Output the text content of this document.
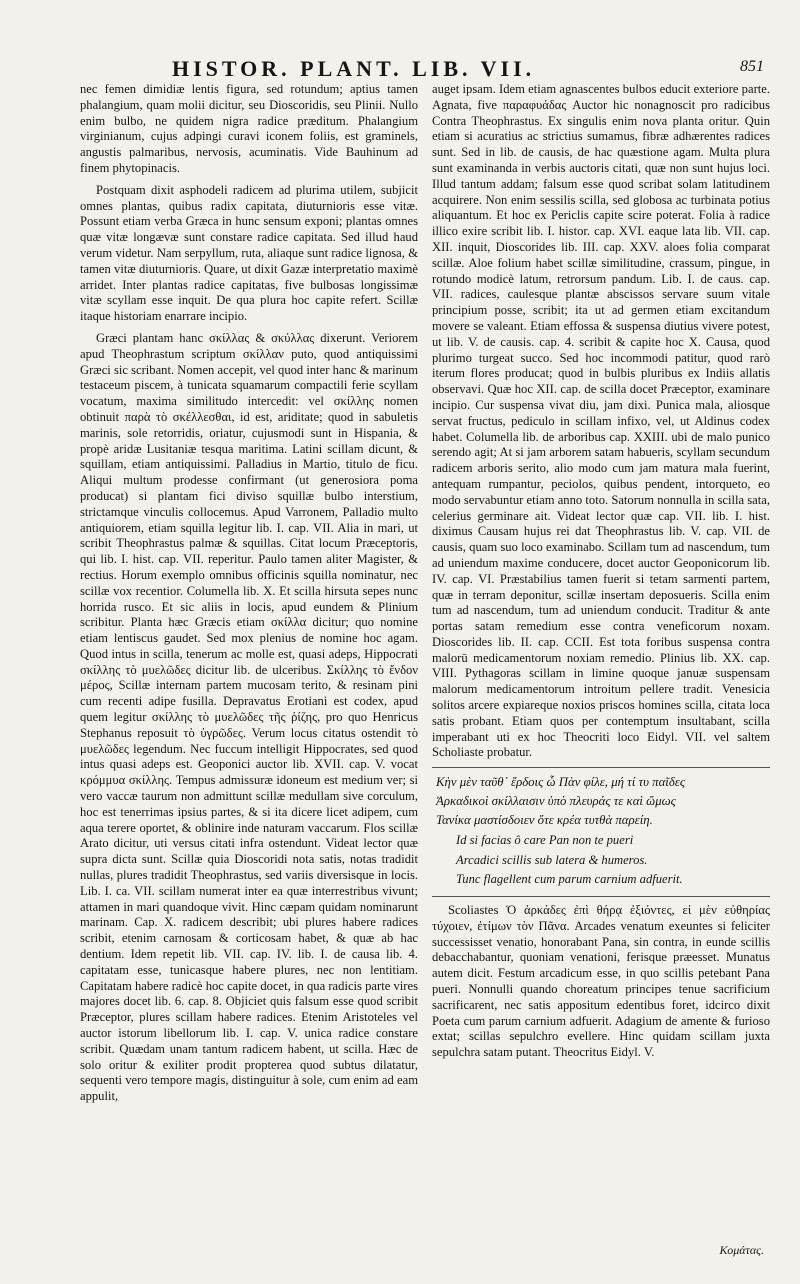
HISTOR. PLANT. LIB. VII.	851

nec femen dimidiæ lentis figura, sed rotundum; aptius tamen phalangium, quam molii dicitur, seu Dioscoridis, seu Plinii. Nullo enim bulbo, ne quidem nigra radice præditum. Phalangium virginianum, cujus adpingi curavi iconem foliis, est graminels, angustis palmaribus, nervosis, acuminatis. Vide Bauhinum ad finem phytopinacis.

Postquam dixit asphodeli radicem ad plurima utilem, subjicit omnes plantas, quibus radix capitata, diuturnioris esse vitæ. Possunt etiam verba Græca in hunc sensum exponi; plantas omnes quæ vitæ longævæ sunt constare radice capitata. Sed illud haud verum videtur. Nam serpyllum, ruta, aliaque sunt radice lignosa, & tamen vitæ diuturnioris. Quare, ut dixit Gazæ interpretatio maximè arridet. Inter plantas radice capitatas, five bulbosas longissimæ vitæ scyllam esse inquit. De qua plura hoc capite refert. Scillæ itaque historiam enarrare incipio.

Græci plantam hanc σκίλλας & σκύλλας dixerunt. Veriorem apud Theophrastum scriptum σκίλλαν puto, quod antiquissimi Græci sic scribant. Nomen accepit, vel quod inter hanc & marinum testaceum piscem, à tunicata squamarum compactili ferie scyllam vocatum, maxima similitudo intercedit: vel σκίλλης nomen obtinuit παρὰ τὸ σκέλλεσθαι, id est, ariditate; quod in sabuletis marinis, sole retorridis, oriatur, cujusmodi sunt in Hispania, & propè aridæ Lusitaniæ tesqua maritima. Latini scillam dicunt, & squillam, etiam antiquissimi. Palladius in Martio, titulo de ficu. Aliqui multum prodesse confirmant (ut generosiora poma producat) si plantam fici diviso squillæ bulbo interstium, strictamque vinculis collocemus. Apud Varronem, Palladio multo antiquiorem, etiam squilla legitur lib. I. cap. VII. Alia in mari, ut scribit Theophrastus palmæ & squillas. Citat locum Præceptoris, qui lib. I. hist. cap. VII. reperitur. Paulo tamen aliter Magister, & rectius. Horum exemplo omnibus officinis squilla nominatur, nec scillæ vox recentior. Columella lib. X. Et scilla hirsuta sepes nunc horrida rusco. Et sic aliis in locis, apud eundem & Plinium scribitur. Planta hæc Græcis etiam σκίλλα dicitur; quo nomine etiam lentiscus gaudet. Sed mox plenius de nomine hoc agam. Quod intus in scilla, tenerum ac molle est, quasi adeps, Hippocrati σκίλλης τὸ μυελῶδες dicitur lib. de ulceribus. Σκίλλης τὸ ἔνδον μέρος, Scillæ internam partem mucosam terito, & resinam pini cum recenti adipe fusilla. Depravatus Erotiani est codex, apud quem legitur σκίλλης τὸ μυελῶδες τῆς ῥίζης, pro quo Henricus Stephanus reposuit τὸ ὑγρῶδες. Verum locus citatus ostendit τὸ μυελῶδες legendum. Nec fuccum intelligit Hippocrates, sed quod intus quasi adeps est. Geoponici auctor lib. XVII. cap. V. vocat κρόμμυα σκίλλης. Tempus admissuræ idoneum est medium ver; si vero vaccæ taurum non admittunt scillæ medullam sive corculum, hoc est tenerrimas ipsius partes, & si ita dicere licet adipem, cum aqua terere oportet, & oblinire inde naturam vaccarum. Flos scillæ Arato dicitur, uti versus citati infra ostendunt. Videat lector quæ supra dicta sunt. Scillæ quia Dioscoridi nota satis, notas tradidit nullas, plures tradidit Theophrastus, sed variis diversisque in locis. Lib. I. ca. VII. scillam numerat inter ea quæ interrestribus vivunt; attamen in mari quandoque vivit. Hinc cæpam quidam nominarunt marinam. Cap. X. radicem describit; ubi plures habere radices scribit, etenim carnosam & corticosam habet, & quæ ab hac dentium. Idem repetit lib. VII. cap. IV. lib. I. de causa lib. 4. capitatam esse, tunicasque habere plures, nec non lentitiam. Capitatam habere radicè hoc capite docet, in qua radicis parte vires majores docet lib. 6. cap. 8. Objiciet quis falsum esse quod scribit Præceptor, plures scillam habere radices. Etenim Aristoteles vel auctor istorum libellorum lib. I. cap. V. unica radice constare scribit. Quædam unam tantum radicem habent, ut scilla. Hæc de solo oritur & exiliter prodit propterea quod subtus dilatatur, sequenti vero tempore magis, distinguitur à sole, cum enim ad eam appulit,

auget ipsam. Idem etiam agnascentes bulbos educit exteriore parte. Agnata, five παραφυάδας Auctor hic nonagnoscit pro radicibus Contra Theophrastus. Ex singulis enim nova planta oritur. Quin etiam si acuratius ac strictius sumamus, fibræ adhærentes radices sunt. Sed in lib. de causis, de hac quæstione agam. Multa plura sunt examinanda in verbis auctoris citati, quæ non sunt hujus loci. Illud tantum addam; falsum esse quod scribat solam latitudinem acquirere. Non enim sessilis scilla, sed globosa ac turbinata potius aliquantum. Et hoc ex Periclis capite scire poterat. Folia à radice illico exire scribit lib. I. histor. cap. XVI. eaque lata lib. VII. cap. XII. inquit, Dioscorides lib. III. cap. XXV. aloes folia comparat scillæ. Aloe folium habet scillæ similitudine, crassum, pingue, in rotundo modicè latum, retrorsum pandum. Lib. I. de caus. cap. VII. radices, caulesque plantæ abscissos servare suum vitale principium posse, scribit; ita ut ad germen etiam excitandum movere se valeant. Etiam effossa & suspensa diutius vivere potest, ut lib. V. de causis. cap. 4. scribit & capite hoc X. Causa, quod plurimo turgeat succo. Sed hoc incommodi patitur, quod rarò iterum flores producat; quod in bulbis pluribus ex Indiis allatis observavi. Quæ hoc XII. cap. de scilla docet Præceptor, examinare incipio. Cur suspensa vivat diu, jam dixi. Punica mala, aliosque servat fructus, pediculo in scillam infixo, vel, ut Aldinus codex habet. Columella lib. de arboribus cap. XXIII. ubi de malo punico serendo agit; At si jam arborem satam habueris, scyllam secundum radicem arboris serito, alio modo cum jam matura mala fuerint, antequam rumpantur, peciolos, quibus pendent, intorqueto, eo modo servabuntur etiam anno toto. Satorum nonnulla in scilla sata, celerius germinare ait. Videat lector quæ cap. VII. lib. I. hist. diximus Causam hujus rei dat Theophrastus lib. V. cap. VII. de causis, quam suo loco examinabo. Scillam tum ad nascendum, tum ad uniendum maxime conducere, docet auctor Geoponicorum lib. IV. cap. VI. Præstabilius tamen fuerit si tetam sarmenti partem, quæ in terram deponitur, scillæ insertam deposueris. Scilla enim tum ad nascendum, tum ad uniendum conducit. Traditur & ante portas satam remedium esse contra veneficorum noxam. Dioscorides lib. II. cap. CCII. Est tota foribus suspensa contra malorū medicamentorum noxiam remedio. Plinius lib. XX. cap. VIII. Pythagoras scillam in limine quoque januæ suspensam malorum medicamentorum introitum pellere tradit. Venesicia solitos arcere expiareque noxios priscos homines scilla, citata loca satis probant. Etiam quos per contemptum insultabant, scilla imperabant uti ex hoc Theocriti loco Eidyl. VII. vel saltem Scholiaste probatur.

Κὴν μὲν ταῦθ᾽ ἔρδοις ὦ Πὰν φίλε, μή τί τυ παῖδες
Ἀρκαδικοὶ σκίλλαισιν ὑπὸ πλευράς τε καὶ ὤμως
Τανίκα μαστίσδοιεν ὅτε κρέα τυτθὰ παρείη.
Id si facias ô care Pan non te pueri
Arcadici scillis sub latera & humeros.
Tunc flagellent cum parum carnium adfuerit.

Scoliastes Ὁ ἀρκάδες ἐπὶ θήρᾳ ἐξιόντες, εἰ μὲν εὐθηρίας τύχοιεν, ἐτίμων τὸν Πᾶνα. Arcades venatum exeuntes si feliciter successisset venatio, honorabant Pana, sin contra, in eunde scillis debacchabantur, quoniam venationi, ferisque præesset. Munatus autem dicit. Festum arcadicum esse, in quo scillis petebant Pana pueri. Nonnulli quando choreatum principes tenue sacrificium sacrificarent, nec satis appositum edentibus foret, idcirco dixit Poeta cum parum carnium adfuerit. Adagium de amente & furioso extat; scillas sepulchro evellere. Hinc quidam scillam juxta sepulchra satam putant. Theocritus Eidyl. V.

Κομάτας.
